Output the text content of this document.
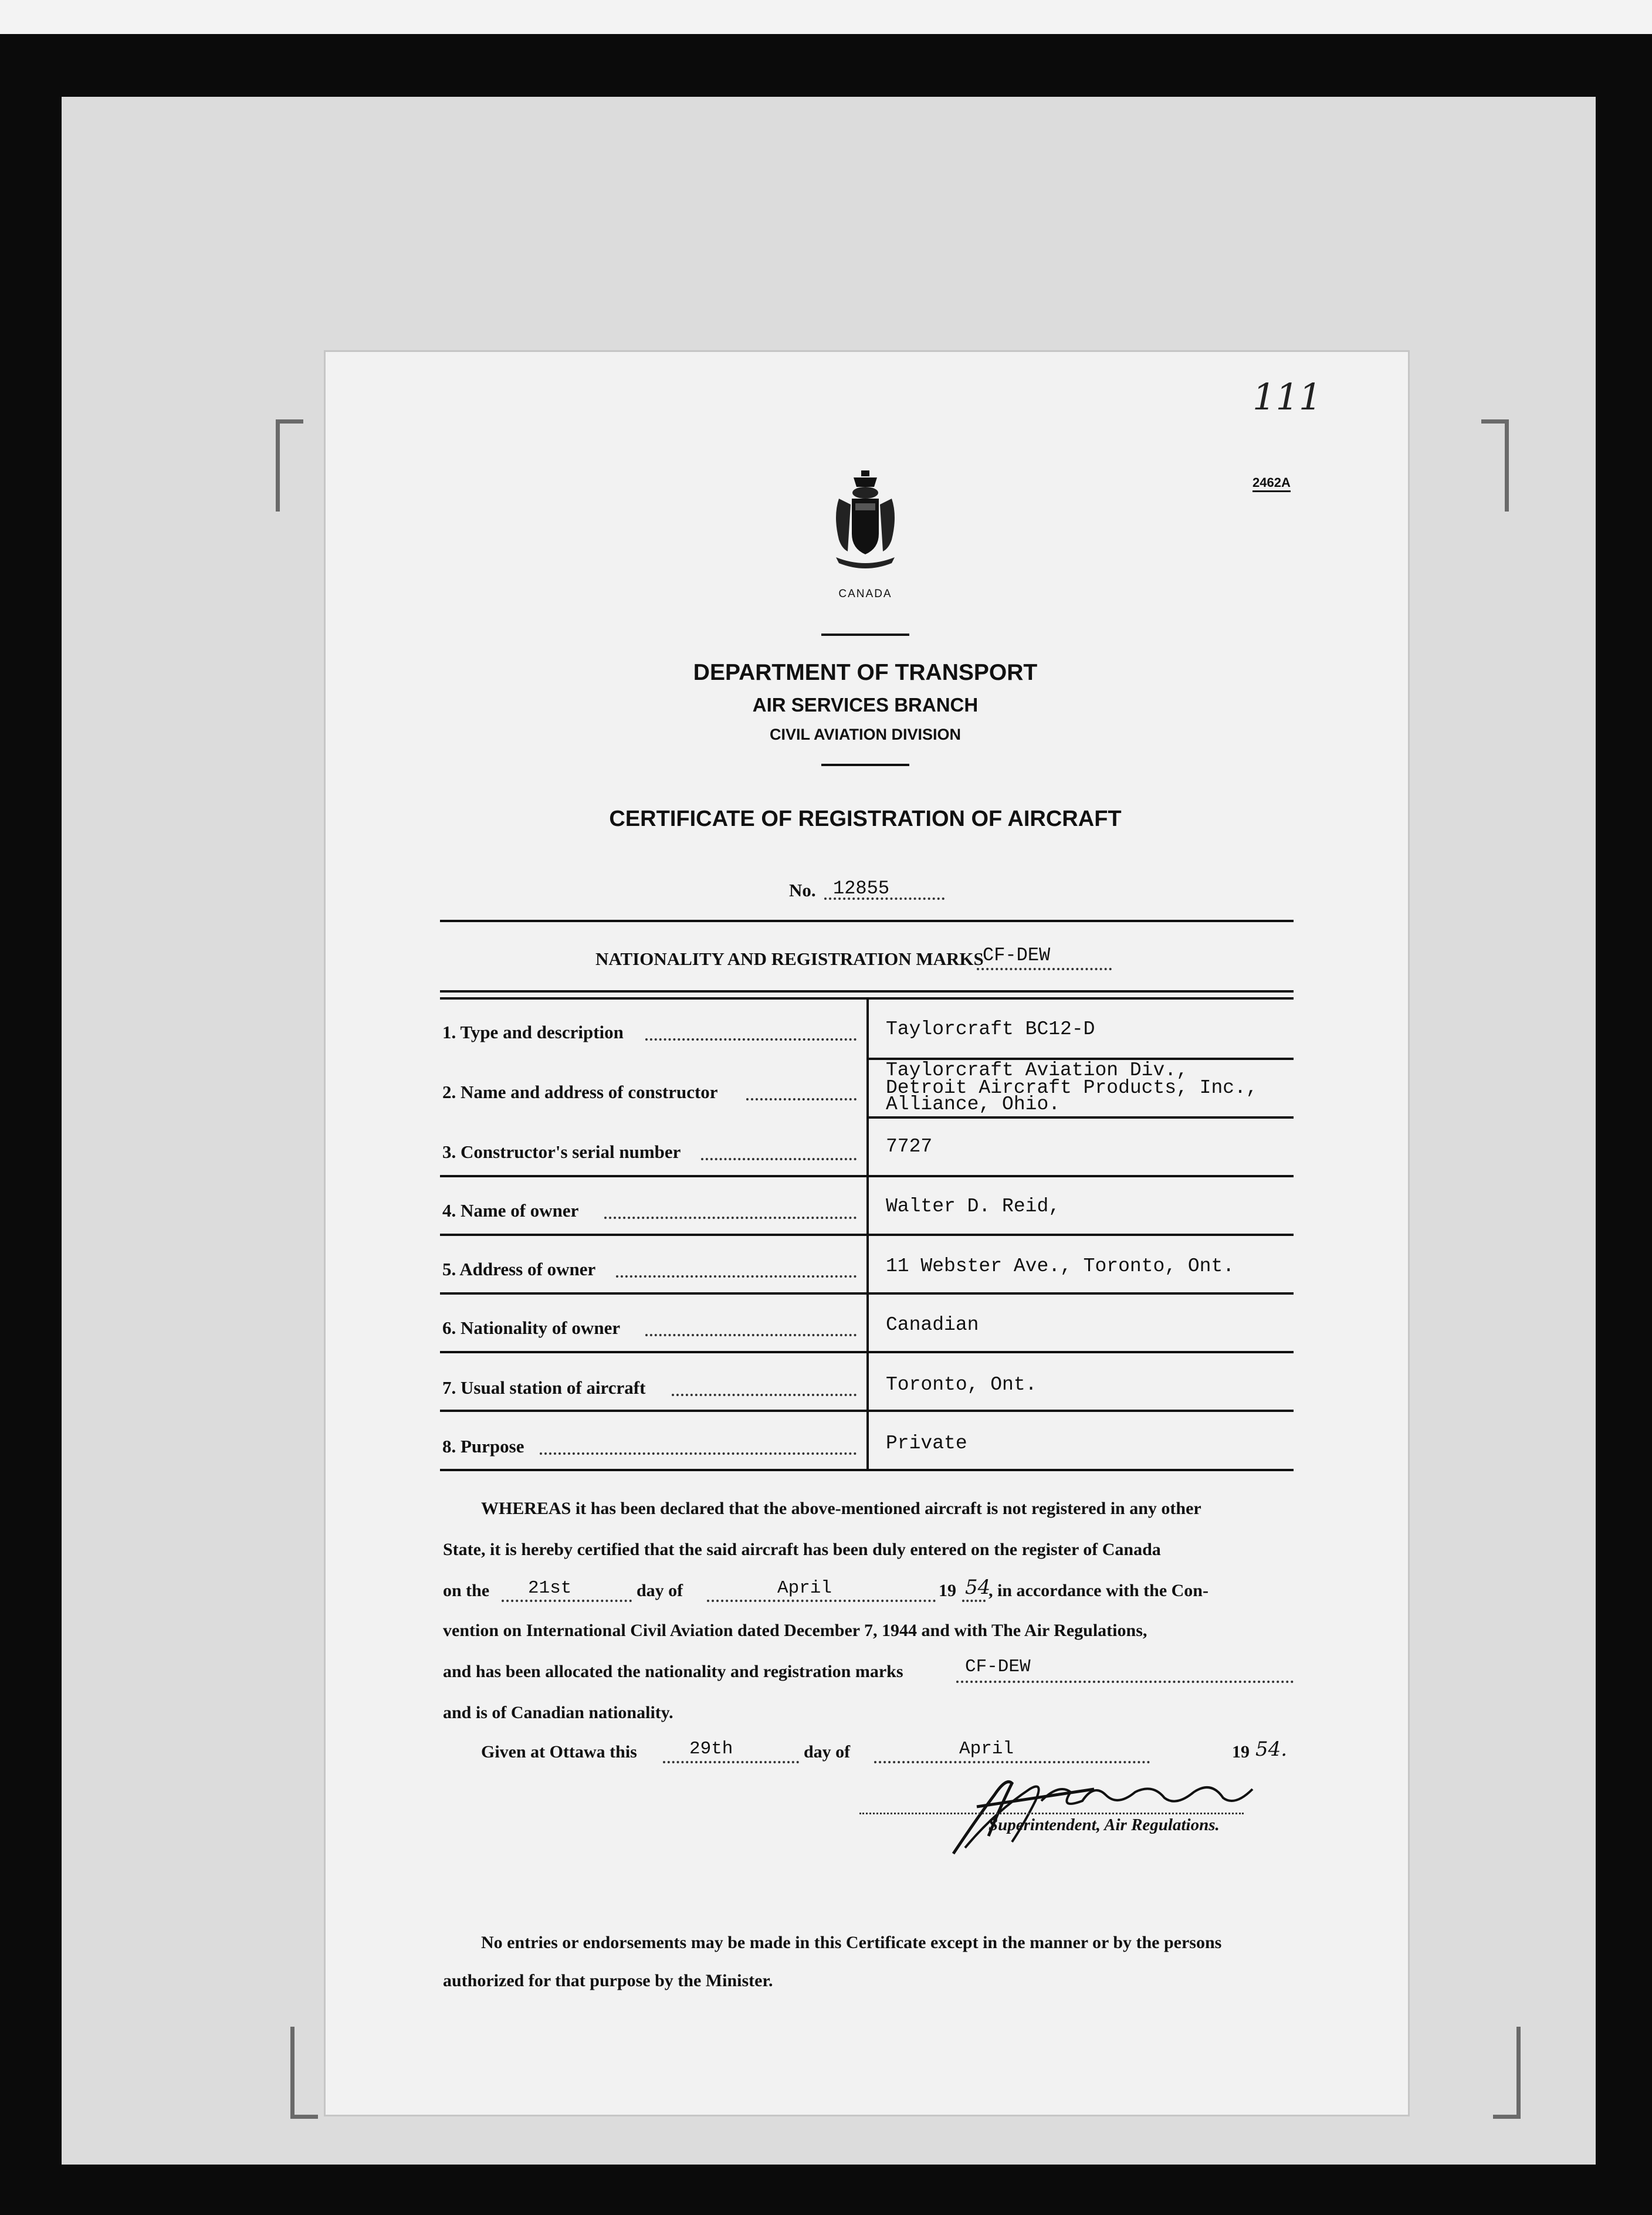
111
2462A
CANADA
DEPARTMENT OF TRANSPORT
AIR SERVICES BRANCH
CIVIL AVIATION DIVISION
CERTIFICATE OF REGISTRATION OF AIRCRAFT
No. 12855
NATIONALITY AND REGISTRATION MARKS
CF-DEW
1. Type and description	Taylorcraft BC12-D
2. Name and address of constructor
Taylorcraft Aviation Div.,
Detroit Aircraft Products, Inc.,
Alliance, Ohio.
3. Constructor's serial number	7727
4. Name of owner	Walter D. Reid,
5. Address of owner	11 Webster Ave., Toronto, Ont.
6. Nationality of owner	Canadian
7. Usual station of aircraft	Toronto, Ont.
8. Purpose	Private
WHEREAS it has been declared that the above-mentioned aircraft is not registered in any other
State, it is hereby certified that the said aircraft has been duly entered on the register of Canada
on the 21st	day of	April	19 54
, in accordance with the Con-
vention on International Civil Aviation dated December 7, 1944 and with The Air Regulations,
and has been allocated the nationality and registration marks	CF-DEW
and is of Canadian nationality.
Given at Ottawa this	29th	day of	April	19 54.
Superintendent, Air Regulations.
No entries or endorsements may be made in this Certificate except in the manner or by the persons
authorized for that purpose by the Minister.
